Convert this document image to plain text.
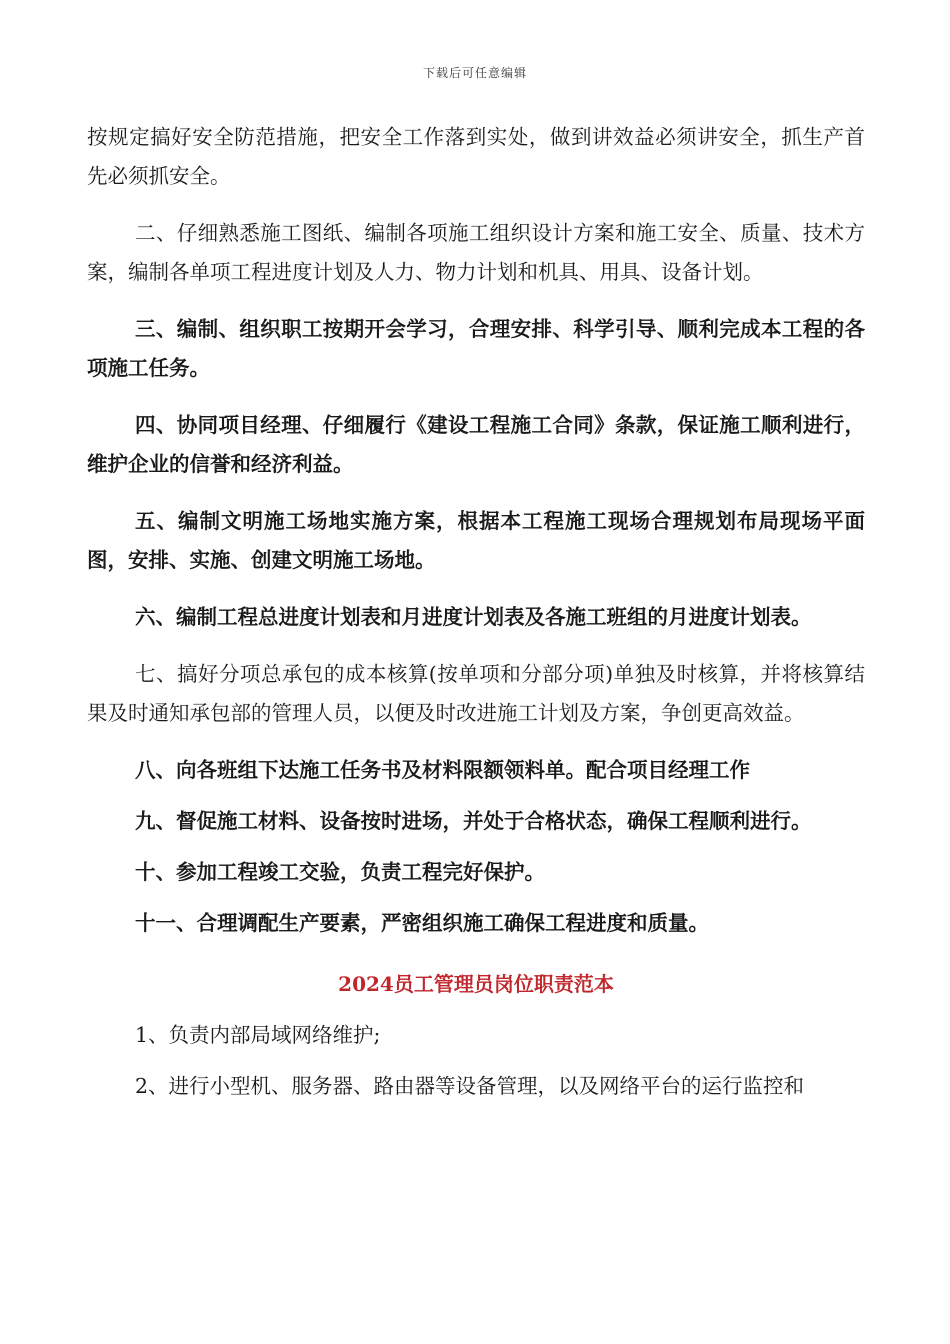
下载后可任意编辑

按规定搞好安全防范措施，把安全工作落到实处，做到讲效益必须讲安全，抓生产首先必须抓安全。

二、仔细熟悉施工图纸、编制各项施工组织设计方案和施工安全、质量、技术方案，编制各单项工程进度计划及人力、物力计划和机具、用具、设备计划。

三、编制、组织职工按期开会学习，合理安排、科学引导、顺利完成本工程的各项施工任务。

四、协同项目经理、仔细履行《建设工程施工合同》条款，保证施工顺利进行，维护企业的信誉和经济利益。

五、编制文明施工场地实施方案，根据本工程施工现场合理规划布局现场平面图，安排、实施、创建文明施工场地。

六、编制工程总进度计划表和月进度计划表及各施工班组的月进度计划表。

七、搞好分项总承包的成本核算(按单项和分部分项)单独及时核算，并将核算结果及时通知承包部的管理人员，以便及时改进施工计划及方案，争创更高效益。

八、向各班组下达施工任务书及材料限额领料单。配合项目经理工作

九、督促施工材料、设备按时进场，并处于合格状态，确保工程顺利进行。

十、参加工程竣工交验，负责工程完好保护。

十一、合理调配生产要素，严密组织施工确保工程进度和质量。

2024员工管理员岗位职责范本

1、负责内部局域网络维护;

2、进行小型机、服务器、路由器等设备管理，以及网络平台的运行监控和
